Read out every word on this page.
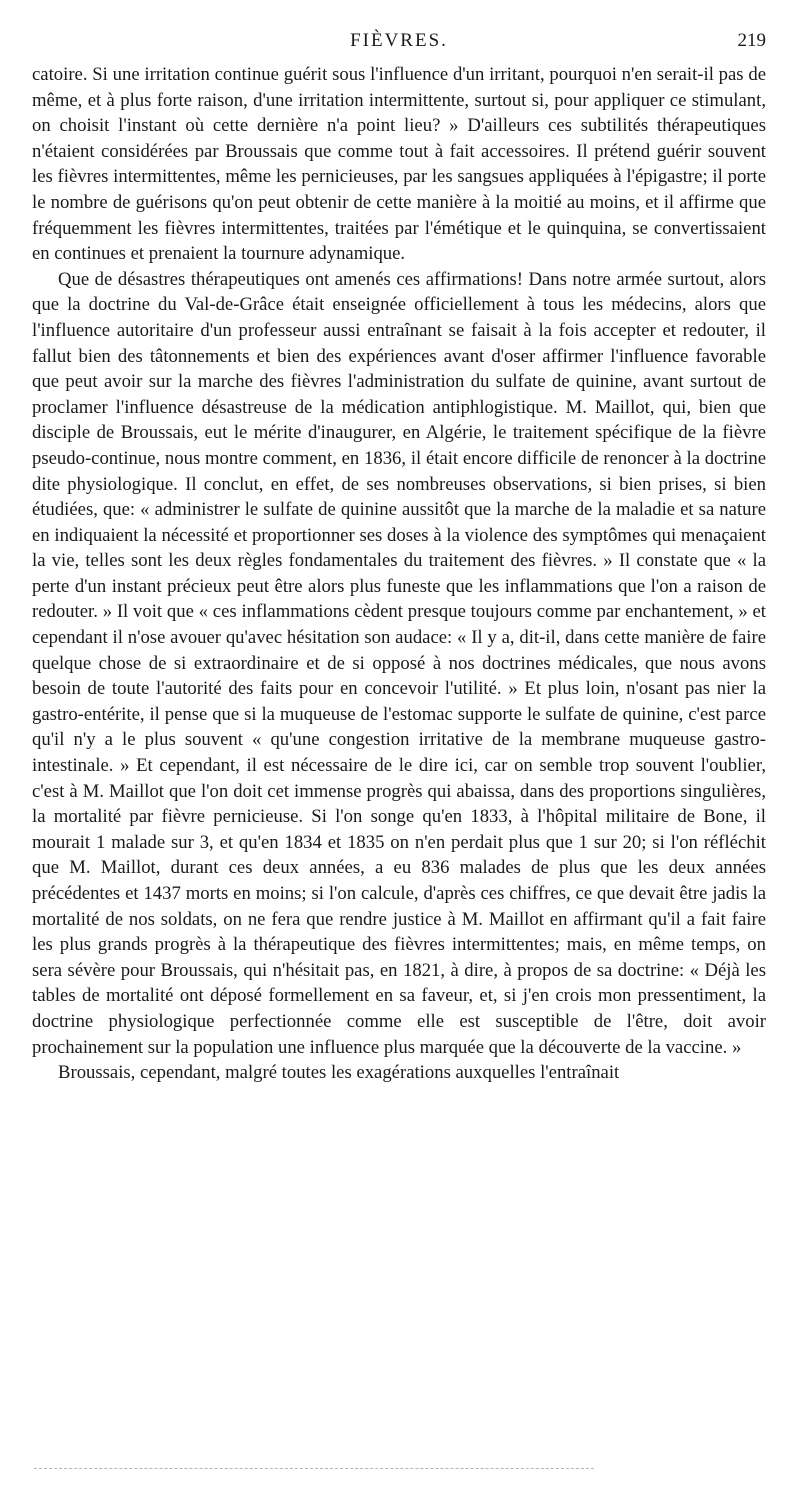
FIÈVRES.	219

catoire. Si une irritation continue guérit sous l'influence d'un irritant, pourquoi n'en serait-il pas de même, et à plus forte raison, d'une irritation intermittente, surtout si, pour appliquer ce stimulant, on choisit l'instant où cette dernière n'a point lieu? » D'ailleurs ces subtilités thérapeutiques n'étaient considérées par Broussais que comme tout à fait accessoires. Il prétend guérir souvent les fièvres intermittentes, même les pernicieuses, par les sangsues appliquées à l'épigastre; il porte le nombre de guérisons qu'on peut obtenir de cette manière à la moitié au moins, et il affirme que fréquemment les fièvres intermittentes, traitées par l'émétique et le quinquina, se convertissaient en continues et prenaient la tournure adynamique.

Que de désastres thérapeutiques ont amenés ces affirmations! Dans notre armée surtout, alors que la doctrine du Val-de-Grâce était enseignée officiellement à tous les médecins, alors que l'influence autoritaire d'un professeur aussi entraînant se faisait à la fois accepter et redouter, il fallut bien des tâtonnements et bien des expériences avant d'oser affirmer l'influence favorable que peut avoir sur la marche des fièvres l'administration du sulfate de quinine, avant surtout de proclamer l'influence désastreuse de la médication antiphlogistique. M. Maillot, qui, bien que disciple de Broussais, eut le mérite d'inaugurer, en Algérie, le traitement spécifique de la fièvre pseudo-continue, nous montre comment, en 1836, il était encore difficile de renoncer à la doctrine dite physiologique. Il conclut, en effet, de ses nombreuses observations, si bien prises, si bien étudiées, que: « administrer le sulfate de quinine aussitôt que la marche de la maladie et sa nature en indiquaient la nécessité et proportionner ses doses à la violence des symptômes qui menaçaient la vie, telles sont les deux règles fondamentales du traitement des fièvres. » Il constate que « la perte d'un instant précieux peut être alors plus funeste que les inflammations que l'on a raison de redouter. » Il voit que « ces inflammations cèdent presque toujours comme par enchantement, » et cependant il n'ose avouer qu'avec hésitation son audace: « Il y a, dit-il, dans cette manière de faire quelque chose de si extraordinaire et de si opposé à nos doctrines médicales, que nous avons besoin de toute l'autorité des faits pour en concevoir l'utilité. » Et plus loin, n'osant pas nier la gastro-entérite, il pense que si la muqueuse de l'estomac supporte le sulfate de quinine, c'est parce qu'il n'y a le plus souvent « qu'une congestion irritative de la membrane muqueuse gastro-intestinale. » Et cependant, il est nécessaire de le dire ici, car on semble trop souvent l'oublier, c'est à M. Maillot que l'on doit cet immense progrès qui abaissa, dans des proportions singulières, la mortalité par fièvre pernicieuse. Si l'on songe qu'en 1833, à l'hôpital militaire de Bone, il mourait 1 malade sur 3, et qu'en 1834 et 1835 on n'en perdait plus que 1 sur 20; si l'on réfléchit que M. Maillot, durant ces deux années, a eu 836 malades de plus que les deux années précédentes et 1437 morts en moins; si l'on calcule, d'après ces chiffres, ce que devait être jadis la mortalité de nos soldats, on ne fera que rendre justice à M. Maillot en affirmant qu'il a fait faire les plus grands progrès à la thérapeutique des fièvres intermittentes; mais, en même temps, on sera sévère pour Broussais, qui n'hésitait pas, en 1821, à dire, à propos de sa doctrine: « Déjà les tables de mortalité ont déposé formellement en sa faveur, et, si j'en crois mon pressentiment, la doctrine physiologique perfectionnée comme elle est susceptible de l'être, doit avoir prochainement sur la population une influence plus marquée que la découverte de la vaccine. »

Broussais, cependant, malgré toutes les exagérations auxquelles l'entraînait
